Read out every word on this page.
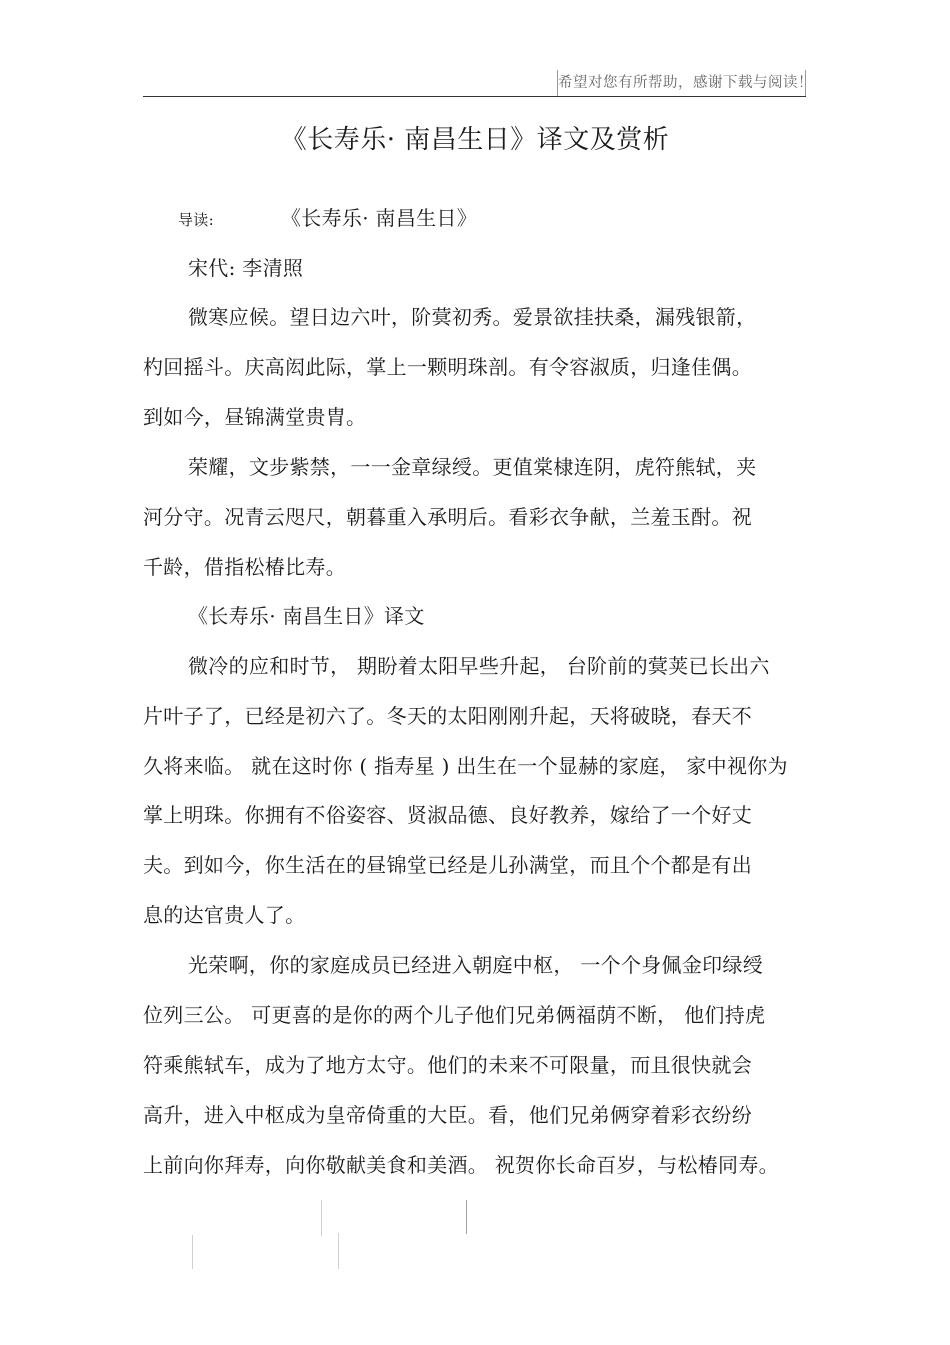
希望对您有所帮助，感谢下载与阅读！
《长寿乐· 南昌生日》译文及赏析
导读:	《长寿乐· 南昌生日》
宋代: 李清照
微寒应候。望日边六叶，阶蓂初秀。爱景欲挂扶桑，漏残银箭，
杓回摇斗。庆高闳此际，掌上一颗明珠剖。有令容淑质，归逢佳偶。
到如今，昼锦满堂贵胄。
荣耀，文步紫禁，一一金章绿绶。更值棠棣连阴，虎符熊轼，夹
河分守。况青云咫尺，朝暮重入承明后。看彩衣争献，兰羞玉酎。祝
千龄，借指松椿比寿。
《长寿乐· 南昌生日》译文
微冷的应和时节， 期盼着太阳早些升起， 台阶前的蓂荚已长出六
片叶子了，已经是初六了。冬天的太阳刚刚升起，天将破晓，春天不
久将来临。 就在这时你 ( 指寿星 ) 出生在一个显赫的家庭， 家中视你为
掌上明珠。你拥有不俗姿容、贤淑品德、良好教养，嫁给了一个好丈
夫。到如今，你生活在的昼锦堂已经是儿孙满堂，而且个个都是有出
息的达官贵人了。
光荣啊，你的家庭成员已经进入朝庭中枢， 一个个身佩金印绿绶
位列三公。 可更喜的是你的两个儿子他们兄弟俩福荫不断， 他们持虎
符乘熊轼车，成为了地方太守。他们的未来不可限量，而且很快就会
高升，进入中枢成为皇帝倚重的大臣。看，他们兄弟俩穿着彩衣纷纷
上前向你拜寿，向你敬献美食和美酒。 祝贺你长命百岁，与松椿同寿。
